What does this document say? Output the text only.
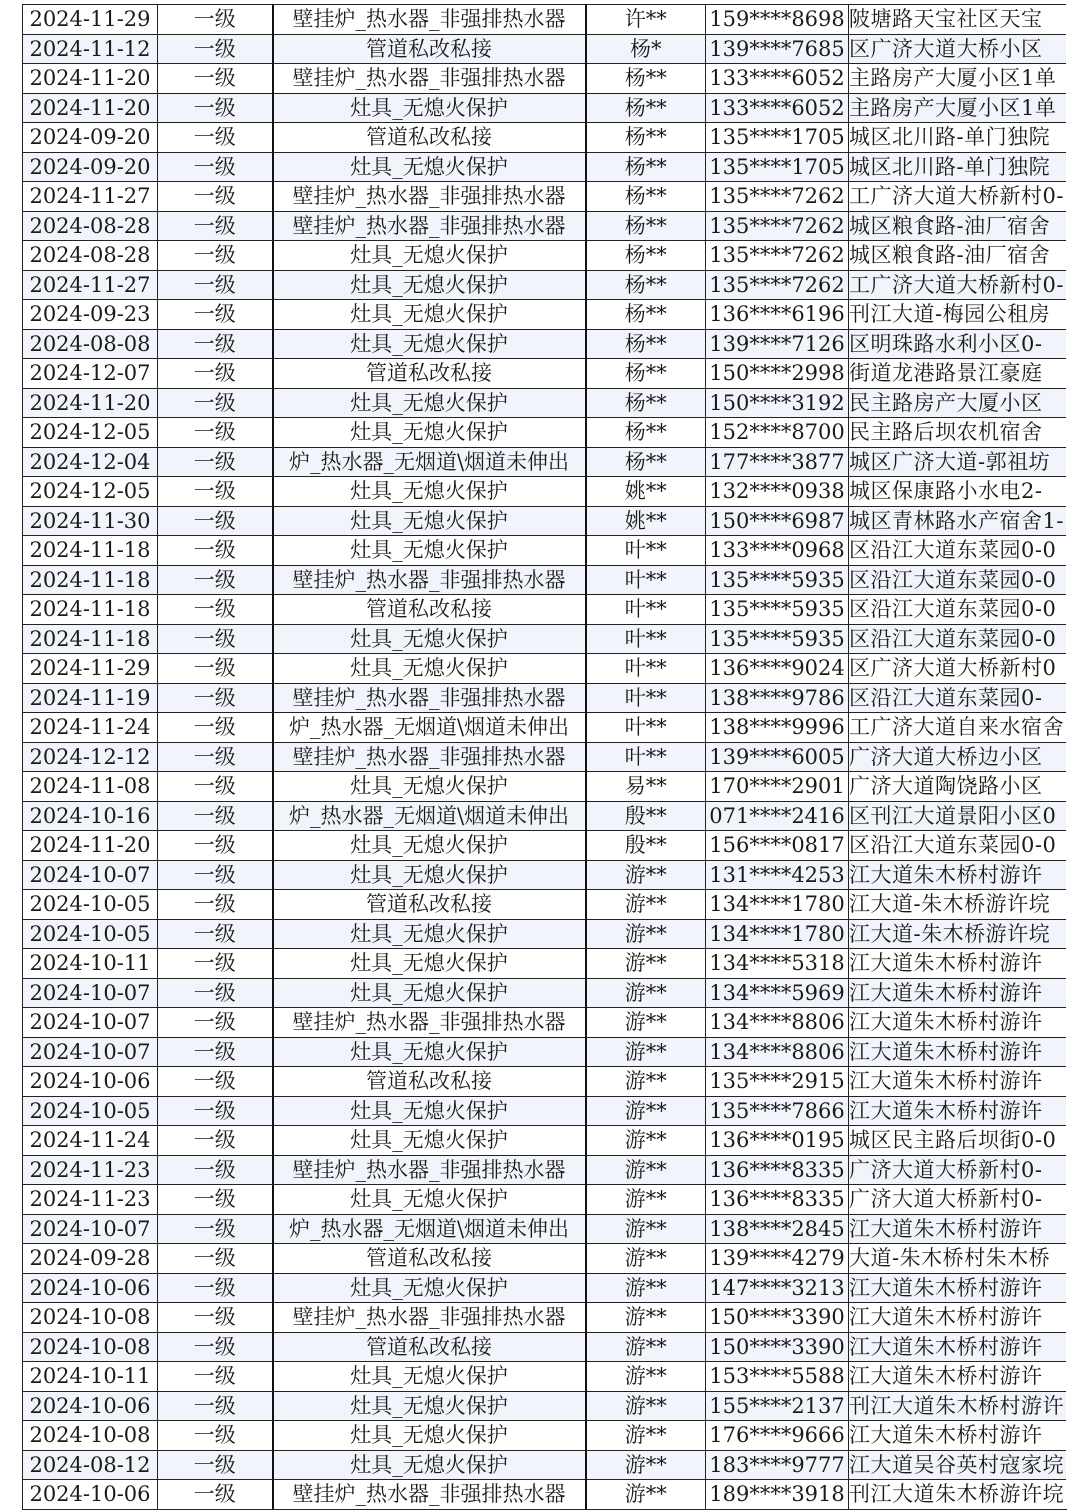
2024-11-29	一级	壁挂炉_热水器_非强排热水器	许**	159****8698	陂塘路天宝社区天宝
2024-11-12	一级	管道私改私接	杨*	139****7685	区广济大道大桥小区
2024-11-20	一级	壁挂炉_热水器_非强排热水器	杨**	133****6052	主路房产大厦小区1单
2024-11-20	一级	灶具_无熄火保护	杨**	133****6052	主路房产大厦小区1单
2024-09-20	一级	管道私改私接	杨**	135****1705	城区北川路-单门独院
2024-09-20	一级	灶具_无熄火保护	杨**	135****1705	城区北川路-单门独院
2024-11-27	一级	壁挂炉_热水器_非强排热水器	杨**	135****7262	工广济大道大桥新村0-
2024-08-28	一级	壁挂炉_热水器_非强排热水器	杨**	135****7262	城区粮食路-油厂宿舍
2024-08-28	一级	灶具_无熄火保护	杨**	135****7262	城区粮食路-油厂宿舍
2024-11-27	一级	灶具_无熄火保护	杨**	135****7262	工广济大道大桥新村0-
2024-09-23	一级	灶具_无熄火保护	杨**	136****6196	刊江大道-梅园公租房
2024-08-08	一级	灶具_无熄火保护	杨**	139****7126	区明珠路水利小区0-
2024-12-07	一级	管道私改私接	杨**	150****2998	街道龙港路景江豪庭
2024-11-20	一级	灶具_无熄火保护	杨**	150****3192	民主路房产大厦小区
2024-12-05	一级	灶具_无熄火保护	杨**	152****8700	民主路后坝农机宿舍
2024-12-04	一级	炉_热水器_无烟道\烟道未伸出	杨**	177****3877	城区广济大道-郭祖坊
2024-12-05	一级	灶具_无熄火保护	姚**	132****0938	城区保康路小水电2-
2024-11-30	一级	灶具_无熄火保护	姚**	150****6987	城区青林路水产宿舍1-
2024-11-18	一级	灶具_无熄火保护	叶**	133****0968	区沿江大道东菜园0-0
2024-11-18	一级	壁挂炉_热水器_非强排热水器	叶**	135****5935	区沿江大道东菜园0-0
2024-11-18	一级	管道私改私接	叶**	135****5935	区沿江大道东菜园0-0
2024-11-18	一级	灶具_无熄火保护	叶**	135****5935	区沿江大道东菜园0-0
2024-11-29	一级	灶具_无熄火保护	叶**	136****9024	区广济大道大桥新村0
2024-11-19	一级	壁挂炉_热水器_非强排热水器	叶**	138****9786	区沿江大道东菜园0-
2024-11-24	一级	炉_热水器_无烟道\烟道未伸出	叶**	138****9996	工广济大道自来水宿舍
2024-12-12	一级	壁挂炉_热水器_非强排热水器	叶**	139****6005	广济大道大桥边小区
2024-11-08	一级	灶具_无熄火保护	易**	170****2901	广济大道陶饶路小区
2024-10-16	一级	炉_热水器_无烟道\烟道未伸出	殷**	071****2416	区刊江大道景阳小区0
2024-11-20	一级	灶具_无熄火保护	殷**	156****0817	区沿江大道东菜园0-0
2024-10-07	一级	灶具_无熄火保护	游**	131****4253	江大道朱木桥村游许
2024-10-05	一级	管道私改私接	游**	134****1780	江大道-朱木桥游许垸
2024-10-05	一级	灶具_无熄火保护	游**	134****1780	江大道-朱木桥游许垸
2024-10-11	一级	灶具_无熄火保护	游**	134****5318	江大道朱木桥村游许
2024-10-07	一级	灶具_无熄火保护	游**	134****5969	江大道朱木桥村游许
2024-10-07	一级	壁挂炉_热水器_非强排热水器	游**	134****8806	江大道朱木桥村游许
2024-10-07	一级	灶具_无熄火保护	游**	134****8806	江大道朱木桥村游许
2024-10-06	一级	管道私改私接	游**	135****2915	江大道朱木桥村游许
2024-10-05	一级	灶具_无熄火保护	游**	135****7866	江大道朱木桥村游许
2024-11-24	一级	灶具_无熄火保护	游**	136****0195	城区民主路后坝街0-0
2024-11-23	一级	壁挂炉_热水器_非强排热水器	游**	136****8335	广济大道大桥新村0-
2024-11-23	一级	灶具_无熄火保护	游**	136****8335	广济大道大桥新村0-
2024-10-07	一级	炉_热水器_无烟道\烟道未伸出	游**	138****2845	江大道朱木桥村游许
2024-09-28	一级	管道私改私接	游**	139****4279	大道-朱木桥村朱木桥
2024-10-06	一级	灶具_无熄火保护	游**	147****3213	江大道朱木桥村游许
2024-10-08	一级	壁挂炉_热水器_非强排热水器	游**	150****3390	江大道朱木桥村游许
2024-10-08	一级	管道私改私接	游**	150****3390	江大道朱木桥村游许
2024-10-11	一级	灶具_无熄火保护	游**	153****5588	江大道朱木桥村游许
2024-10-06	一级	灶具_无熄火保护	游**	155****2137	刊江大道朱木桥村游许
2024-10-08	一级	灶具_无熄火保护	游**	176****9666	江大道朱木桥村游许
2024-08-12	一级	灶具_无熄火保护	游**	183****9777	江大道吴谷英村寇家垸
2024-10-06	一级	壁挂炉_热水器_非强排热水器	游**	189****3918	刊江大道朱木桥游许垸
